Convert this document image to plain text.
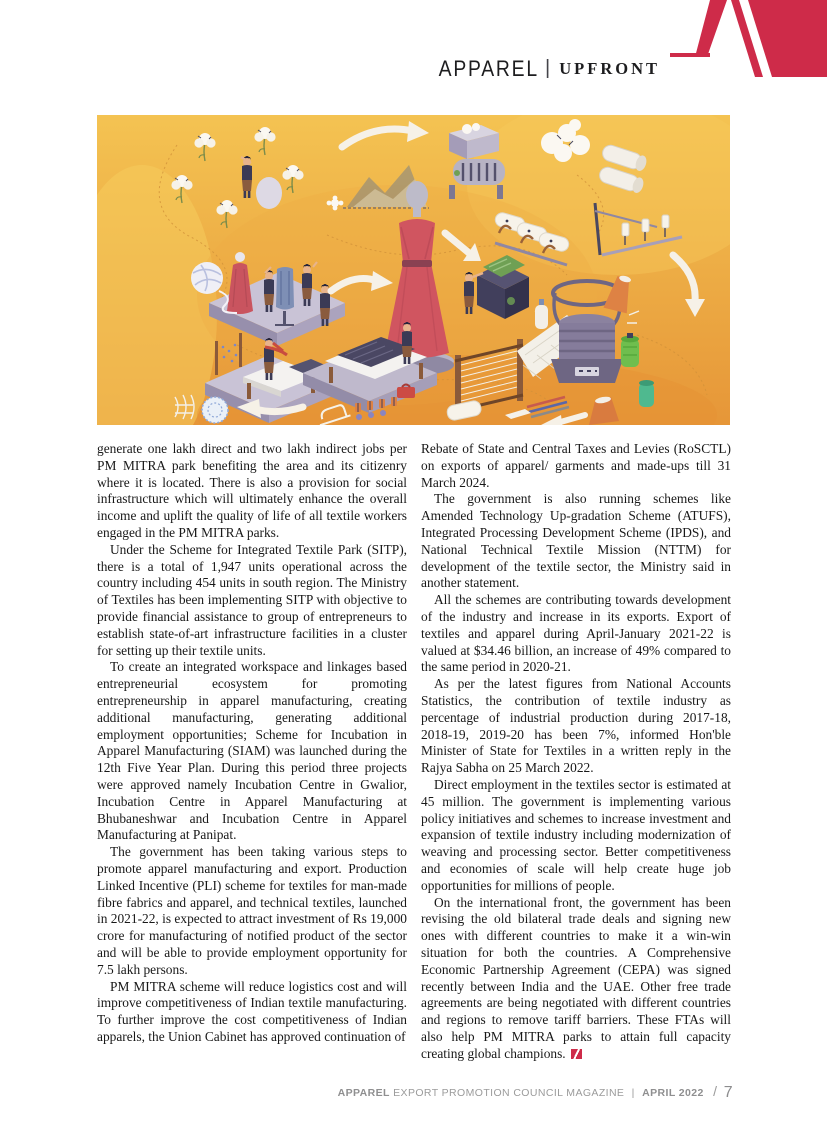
APPAREL | UPFRONT

generate one lakh direct and two lakh indirect jobs per PM MITRA park benefiting the area and its citizenry where it is located. There is also a provision for social infrastructure which will ultimately enhance the overall income and uplift the quality of life of all textile workers engaged in the PM MITRA parks.

Under the Scheme for Integrated Textile Park (SITP), there is a total of 1,947 units operational across the country including 454 units in south region. The Ministry of Textiles has been implementing SITP with objective to provide financial assistance to group of entrepreneurs to establish state-of-art infrastructure facilities in a cluster for setting up their textile units.

To create an integrated workspace and linkages based entrepreneurial ecosystem for promoting entrepreneurship in apparel manufacturing, creating additional manufacturing, generating additional employment opportunities; Scheme for Incubation in Apparel Manufacturing (SIAM) was launched during the 12th Five Year Plan. During this period three projects were approved namely Incubation Centre in Gwalior, Incubation Centre in Apparel Manufacturing at Bhubaneshwar and Incubation Centre in Apparel Manufacturing at Panipat.

The government has been taking various steps to promote apparel manufacturing and export. Production Linked Incentive (PLI) scheme for textiles for man-made fibre fabrics and apparel, and technical textiles, launched in 2021-22, is expected to attract investment of Rs 19,000 crore for manufacturing of notified product of the sector and will be able to provide employment opportunity for 7.5 lakh persons.

PM MITRA scheme will reduce logistics cost and will improve competitiveness of Indian textile manufacturing. To further improve the cost competitiveness of Indian apparels, the Union Cabinet has approved continuation of

Rebate of State and Central Taxes and Levies (RoSCTL) on exports of apparel/ garments and made-ups till 31 March 2024.

The government is also running schemes like Amended Technology Up-gradation Scheme (ATUFS), Integrated Processing Development Scheme (IPDS), and National Technical Textile Mission (NTTM) for development of the textile sector, the Ministry said in another statement.

All the schemes are contributing towards development of the industry and increase in its exports. Export of textiles and apparel during April-January 2021-22 is valued at $34.46 billion, an increase of 49% compared to the same period in 2020-21.

As per the latest figures from National Accounts Statistics, the contribution of textile industry as percentage of industrial production during 2017-18, 2018-19, 2019-20 has been 7%, informed Hon'ble Minister of State for Textiles in a written reply in the Rajya Sabha on 25 March 2022.

Direct employment in the textiles sector is estimated at 45 million. The government is implementing various policy initiatives and schemes to increase investment and expansion of textile industry including modernization of weaving and processing sector. Better competitiveness and economies of scale will help create huge job opportunities for millions of people.

On the international front, the government has been revising the old bilateral trade deals and signing new ones with different countries to make it a win-win situation for both the countries. A Comprehensive Economic Partnership Agreement (CEPA) was signed recently between India and the UAE. Other free trade agreements are being negotiated with different countries and regions to remove tariff barriers. These FTAs will also help PM MITRA parks to attain full capacity creating global champions.

APPAREL EXPORT PROMOTION COUNCIL MAGAZINE | APRIL 2022 / 7
